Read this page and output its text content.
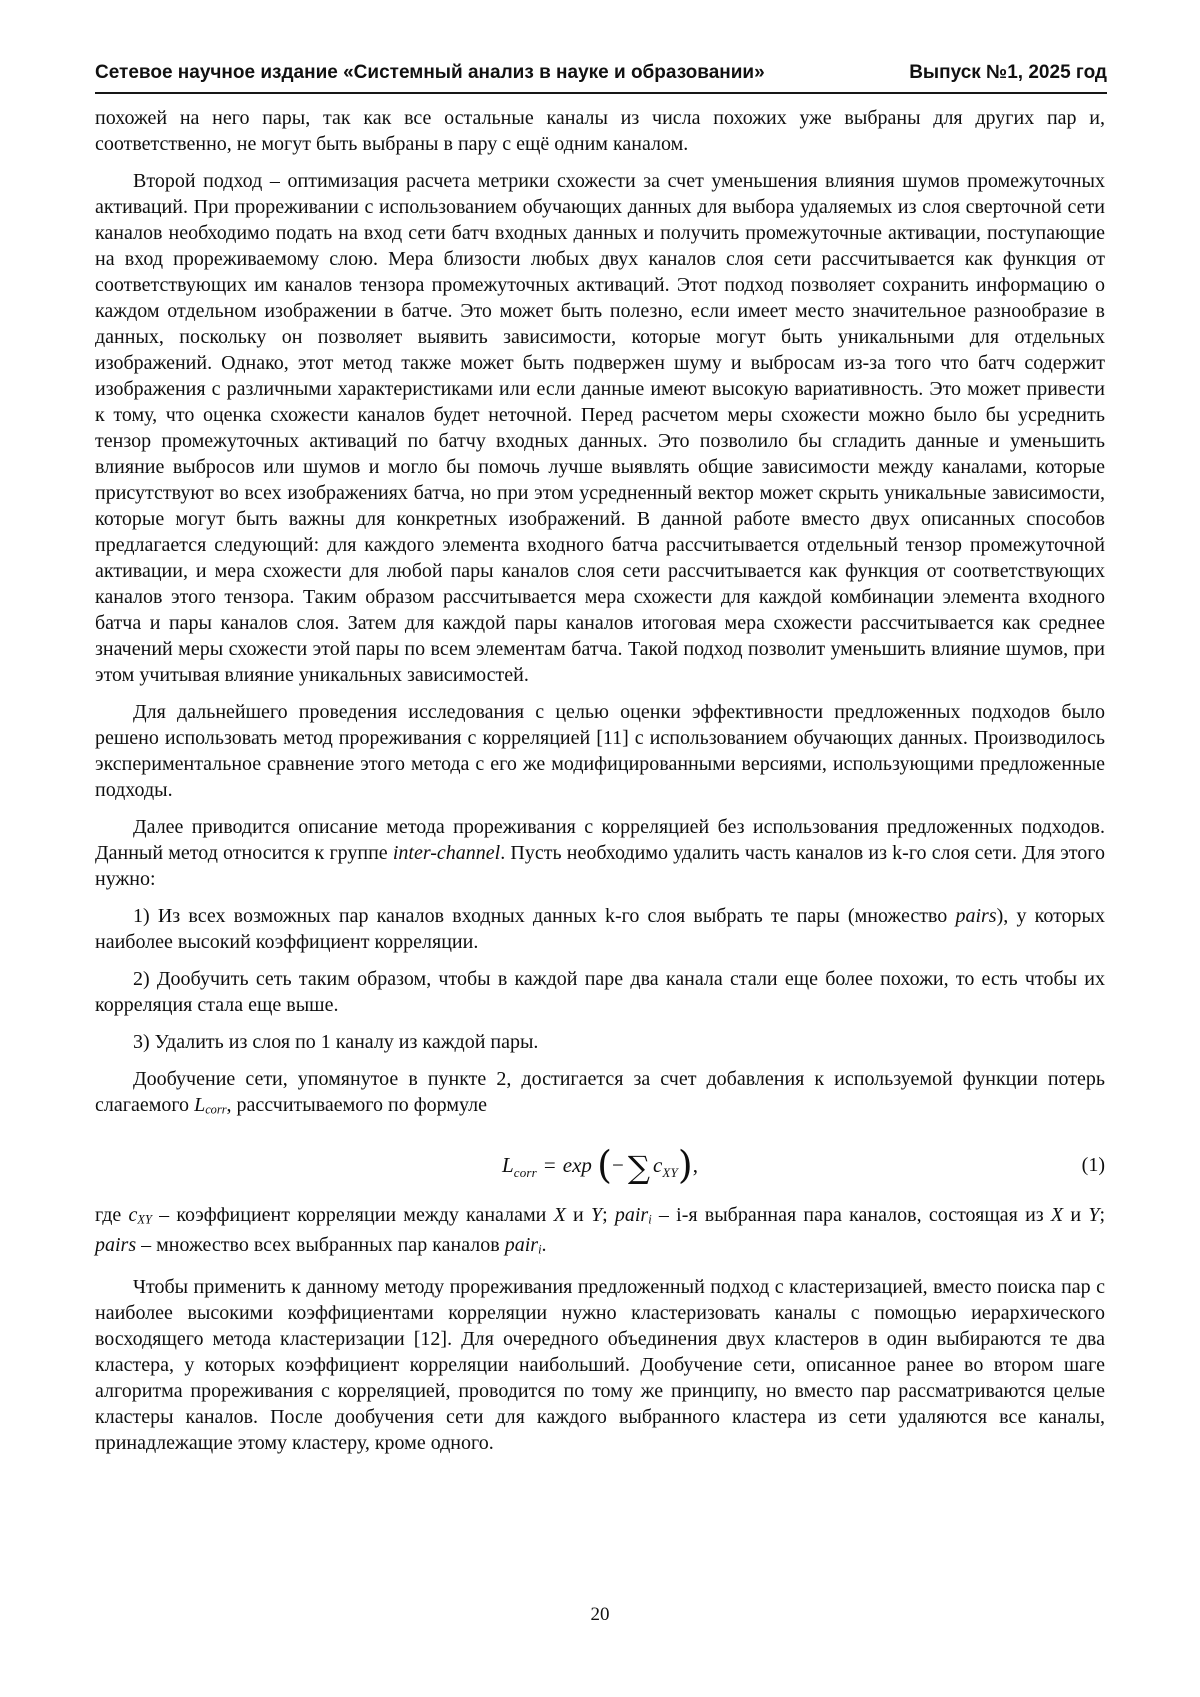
Сетевое научное издание «Системный анализ в науке и образовании»	Выпуск №1, 2025 год

похожей на него пары, так как все остальные каналы из числа похожих уже выбраны для других пар и, соответственно, не могут быть выбраны в пару с ещё одним каналом.

Второй подход – оптимизация расчета метрики схожести за счет уменьшения влияния шумов промежуточных активаций. При прореживании с использованием обучающих данных для выбора удаляемых из слоя сверточной сети каналов необходимо подать на вход сети батч входных данных и получить промежуточные активации, поступающие на вход прореживаемому слою. Мера близости любых двух каналов слоя сети рассчитывается как функция от соответствующих им каналов тензора промежуточных активаций. Этот подход позволяет сохранить информацию о каждом отдельном изображении в батче. Это может быть полезно, если имеет место значительное разнообразие в данных, поскольку он позволяет выявить зависимости, которые могут быть уникальными для отдельных изображений. Однако, этот метод также может быть подвержен шуму и выбросам из-за того что батч содержит изображения с различными характеристиками или если данные имеют высокую вариативность. Это может привести к тому, что оценка схожести каналов будет неточной. Перед расчетом меры схожести можно было бы усреднить тензор промежуточных активаций по батчу входных данных. Это позволило бы сгладить данные и уменьшить влияние выбросов или шумов и могло бы помочь лучше выявлять общие зависимости между каналами, которые присутствуют во всех изображениях батча, но при этом усредненный вектор может скрыть уникальные зависимости, которые могут быть важны для конкретных изображений. В данной работе вместо двух описанных способов предлагается следующий: для каждого элемента входного батча рассчитывается отдельный тензор промежуточной активации, и мера схожести для любой пары каналов слоя сети рассчитывается как функция от соответствующих каналов этого тензора. Таким образом рассчитывается мера схожести для каждой комбинации элемента входного батча и пары каналов слоя. Затем для каждой пары каналов итоговая мера схожести рассчитывается как среднее значений меры схожести этой пары по всем элементам батча. Такой подход позволит уменьшить влияние шумов, при этом учитывая влияние уникальных зависимостей.

Для дальнейшего проведения исследования с целью оценки эффективности предложенных подходов было решено использовать метод прореживания с корреляцией [11] с использованием обучающих данных. Производилось экспериментальное сравнение этого метода с его же модифицированными версиями, использующими предложенные подходы.

Далее приводится описание метода прореживания с корреляцией без использования предложенных подходов. Данный метод относится к группе inter-channel. Пусть необходимо удалить часть каналов из k-го слоя сети. Для этого нужно:

1) Из всех возможных пар каналов входных данных k-го слоя выбрать те пары (множество pairs), у которых наиболее высокий коэффициент корреляции.

2) Дообучить сеть таким образом, чтобы в каждой паре два канала стали еще более похожи, то есть чтобы их корреляция стала еще выше.

3) Удалить из слоя по 1 каналу из каждой пары.

Дообучение сети, упомянутое в пункте 2, достигается за счет добавления к используемой функции потерь слагаемого $L_{corr}$, рассчитываемого по формуле

$L_{corr} = \exp$ (− ∑ $c_{XY}$),	(1)

где $c_{XY}$ – коэффициент корреляции между каналами X и Y; pair$_i$ – i-я выбранная пара каналов, состоящая из X и Y; pairs – множество всех выбранных пар каналов pair$_i$.

Чтобы применить к данному методу прореживания предложенный подход с кластеризацией, вместо поиска пар с наиболее высокими коэффициентами корреляции нужно кластеризовать каналы с помощью иерархического восходящего метода кластеризации [12]. Для очередного объединения двух кластеров в один выбираются те два кластера, у которых коэффициент корреляции наибольший. Дообучение сети, описанное ранее во втором шаге алгоритма прореживания с корреляцией, проводится по тому же принципу, но вместо пар рассматриваются целые кластеры каналов. После дообучения сети для каждого выбранного кластера из сети удаляются все каналы, принадлежащие этому кластеру, кроме одного.

20
